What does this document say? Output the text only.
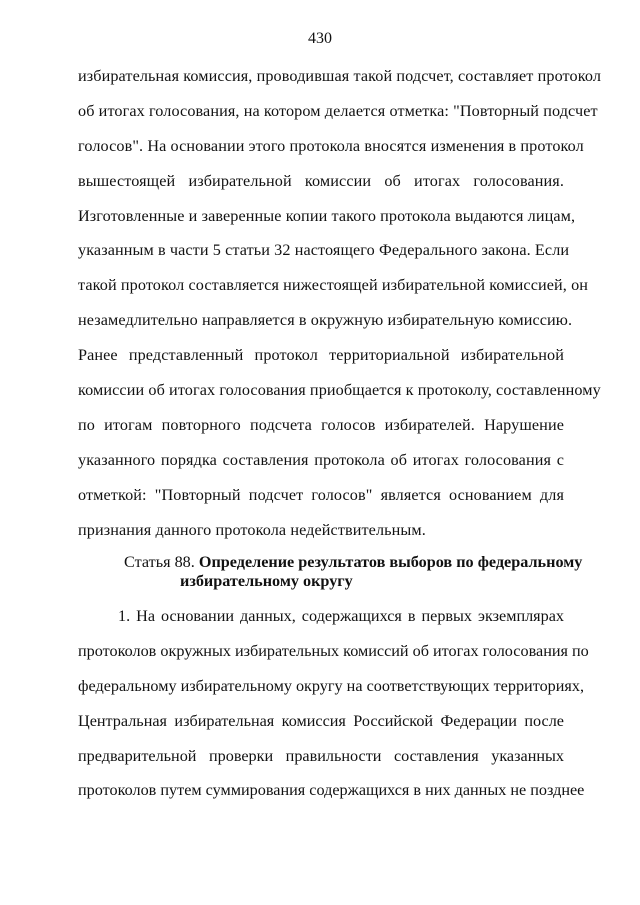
430
избирательная комиссия, проводившая такой подсчет, составляет протокол
об итогах голосования, на котором делается отметка: "Повторный подсчет
голосов". На основании этого протокола вносятся изменения в протокол
вышестоящей избирательной комиссии об итогах голосования.
Изготовленные и заверенные копии такого протокола выдаются лицам,
указанным в части 5 статьи 32 настоящего Федерального закона. Если
такой протокол составляется нижестоящей избирательной комиссией, он
незамедлительно направляется в окружную избирательную комиссию.
Ранее представленный протокол территориальной избирательной
комиссии об итогах голосования приобщается к протоколу, составленному
по итогам повторного подсчета голосов избирателей. Нарушение
указанного порядка составления протокола об итогах голосования с
отметкой: "Повторный подсчет голосов" является основанием для
признания данного протокола недействительным.
Статья 88. Определение результатов выборов по федеральному
избирательному округу
1. На основании данных, содержащихся в первых экземплярах
протоколов окружных избирательных комиссий об итогах голосования по
федеральному избирательному округу на соответствующих территориях,
Центральная избирательная комиссия Российской Федерации после
предварительной проверки правильности составления указанных
протоколов путем суммирования содержащихся в них данных не позднее
